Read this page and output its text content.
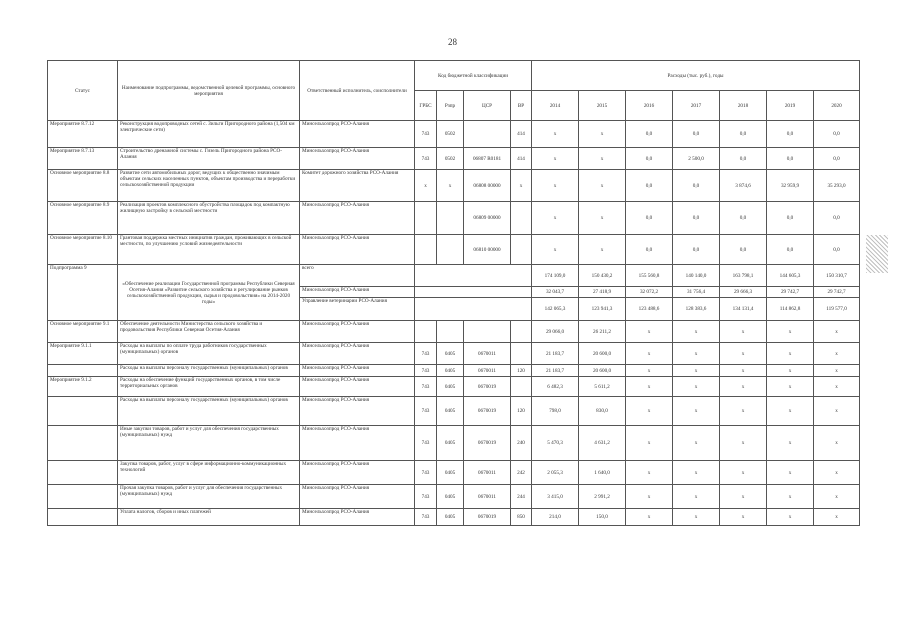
28
Статус	Наименование подпрограммы, ведомственной целевой программы, основного мероприятия	Ответственный исполнитель, соисполнители	Код бюджетной классификации				Расходы (тыс. руб.), годы						
			ГРБС	Рзпр	ЦСР	ВР	2014	2015	2016	2017	2018	2019	2020
Мероприятие 8.7.12	Реконструкция водопроводных сетей с. Зильги Пригородного района (1,504 км электрические сети)	Минсельхозпрод РСО-Алания	743	0502		414	х	х	0,0	0,0	0,0	0,0	0,0
Мероприятие 8.7.13	Строительство дренажной системы с. Гизель Пригородного района РСО-Алания	Минсельхозпрод РСО-Алания	743	0502	06807 R0181	414	х	х	0,0	2 500,0	0,0	0,0	0,0
Основное мероприятие 8.8	Развитие сети автомобильных дорог, ведущих к общественно значимым объектам сельских населенных пунктов, объектам производства и переработки сельскохозяйственной продукции	Комитет дорожного хозяйства РСО-Алания	х	х	06808 00000	х	х	х	0,0	0,0	3 874,6	32 959,9	35 293,0
Основное мероприятие 8.9	Реализация проектов комплексного обустройства площадок под компактную жилищную застройку в сельской местности	Минсельхозпрод РСО-Алания			06809 00000		х	х	0,0	0,0	0,0	0,0	0,0
Основное мероприятие 8.10	Грантовая поддержка местных инициатив граждан, проживающих в сельской местности, по улучшению условий жизнедеятельности	Минсельхозпрод РСО-Алания			06810 00000		х	х	0,0	0,0	0,0	0,0	0,0
Подпрограмма 9	«Обеспечение реализации Государственной программы Республики Северная Осетия-Алания «Развитие сельского хозяйства и регулирование рынков сельскохозяйственной продукции, сырья и продовольствия» на 2014-2020 годы»	всего					174 109,0	150 430,2	155 560,8	140 140,0	163 798,1	144 605,3	150 310,7
		Минсельхозпрод РСО-Алания					32 043,7	27 418,9	32 072,2	31 756,4	29 666,3	29 742,7	29 742,7
		Управление ветеринарии РСО-Алания					142 065,3	123 941,3	123 488,6	128 383,6	134 131,4	114 862,8	119 577,0
Основное мероприятие 9.1	Обеспечение деятельности Министерства сельского хозяйства и продовольствия Республики Северная Осетия-Алания	Минсельхозпрод РСО-Алания					29 066,0	26 211,2	х	х	х	х	х
Мероприятие 9.1.1	Расходы на выплаты по оплате труда работников государственных (муниципальных) органов	Минсельхозпрод РСО-Алания	743	0405	0670011		21 183,7	20 600,0	х	х	х	х	х
	Расходы на выплаты персоналу государственных (муниципальных) органов	Минсельхозпрод РСО-Алания	743	0405	0670011	120	21 183,7	20 600,0	х	х	х	х	х
Мероприятие 9.1.2	Расходы на обеспечение функций государственных органов, в том числе территориальных органов	Минсельхозпрод РСО-Алания	743	0405	0670019		6 482,3	5 611,2	х	х	х	х	х
	Расходы на выплаты персоналу государственных (муниципальных) органов	Минсельхозпрод РСО-Алания	743	0405	0670019	120	798,0	830,0	х	х	х	х	х
	Иные закупки товаров, работ и услуг для обеспечения государственных (муниципальных) нужд	Минсельхозпрод РСО-Алания	743	0405	0670019	240	5 470,3	4 631,2	х	х	х	х	х
	Закупка товаров, работ, услуг в сфере информационно-коммуникационных технологий	Минсельхозпрод РСО-Алания	743	0405	0670011	242	2 055,3	1 640,0	х	х	х	х	х
	Прочая закупка товаров, работ и услуг для обеспечения государственных (муниципальных) нужд	Минсельхозпрод РСО-Алания	743	0405	0670011	244	3 415,0	2 991,2	х	х	х	х	х
	Уплата налогов, сборов и иных платежей	Минсельхозпрод РСО-Алания	743	0405	0670019	850	214,0	150,0	х	х	х	х	х
